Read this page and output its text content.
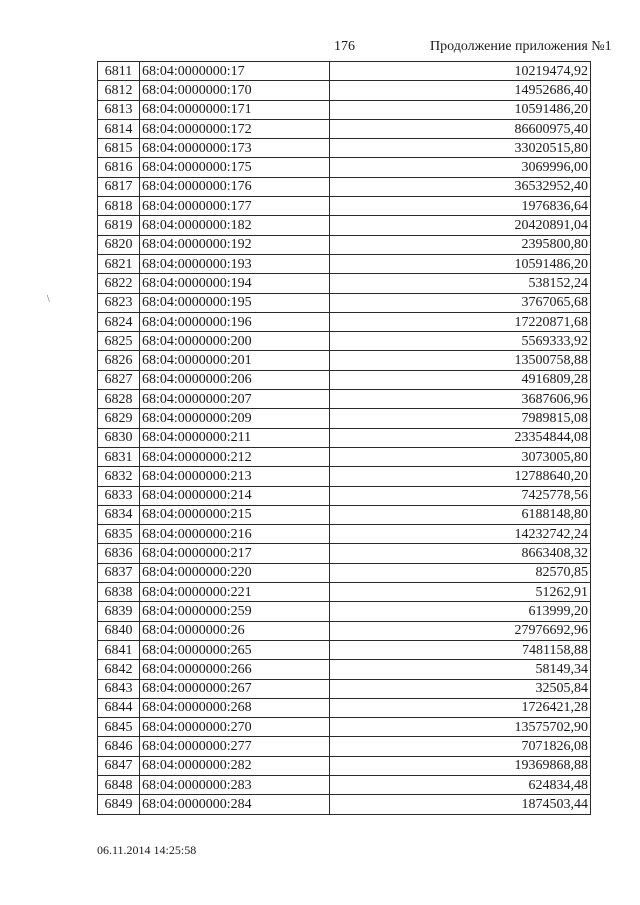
176	Продолжение приложения №1
\
6811	68:04:0000000:17	10219474,92
6812	68:04:0000000:170	14952686,40
6813	68:04:0000000:171	10591486,20
6814	68:04:0000000:172	86600975,40
6815	68:04:0000000:173	33020515,80
6816	68:04:0000000:175	3069996,00
6817	68:04:0000000:176	36532952,40
6818	68:04:0000000:177	1976836,64
6819	68:04:0000000:182	20420891,04
6820	68:04:0000000:192	2395800,80
6821	68:04:0000000:193	10591486,20
6822	68:04:0000000:194	538152,24
6823	68:04:0000000:195	3767065,68
6824	68:04:0000000:196	17220871,68
6825	68:04:0000000:200	5569333,92
6826	68:04:0000000:201	13500758,88
6827	68:04:0000000:206	4916809,28
6828	68:04:0000000:207	3687606,96
6829	68:04:0000000:209	7989815,08
6830	68:04:0000000:211	23354844,08
6831	68:04:0000000:212	3073005,80
6832	68:04:0000000:213	12788640,20
6833	68:04:0000000:214	7425778,56
6834	68:04:0000000:215	6188148,80
6835	68:04:0000000:216	14232742,24
6836	68:04:0000000:217	8663408,32
6837	68:04:0000000:220	82570,85
6838	68:04:0000000:221	51262,91
6839	68:04:0000000:259	613999,20
6840	68:04:0000000:26	27976692,96
6841	68:04:0000000:265	7481158,88
6842	68:04:0000000:266	58149,34
6843	68:04:0000000:267	32505,84
6844	68:04:0000000:268	1726421,28
6845	68:04:0000000:270	13575702,90
6846	68:04:0000000:277	7071826,08
6847	68:04:0000000:282	19369868,88
6848	68:04:0000000:283	624834,48
6849	68:04:0000000:284	1874503,44
06.11.2014 14:25:58
